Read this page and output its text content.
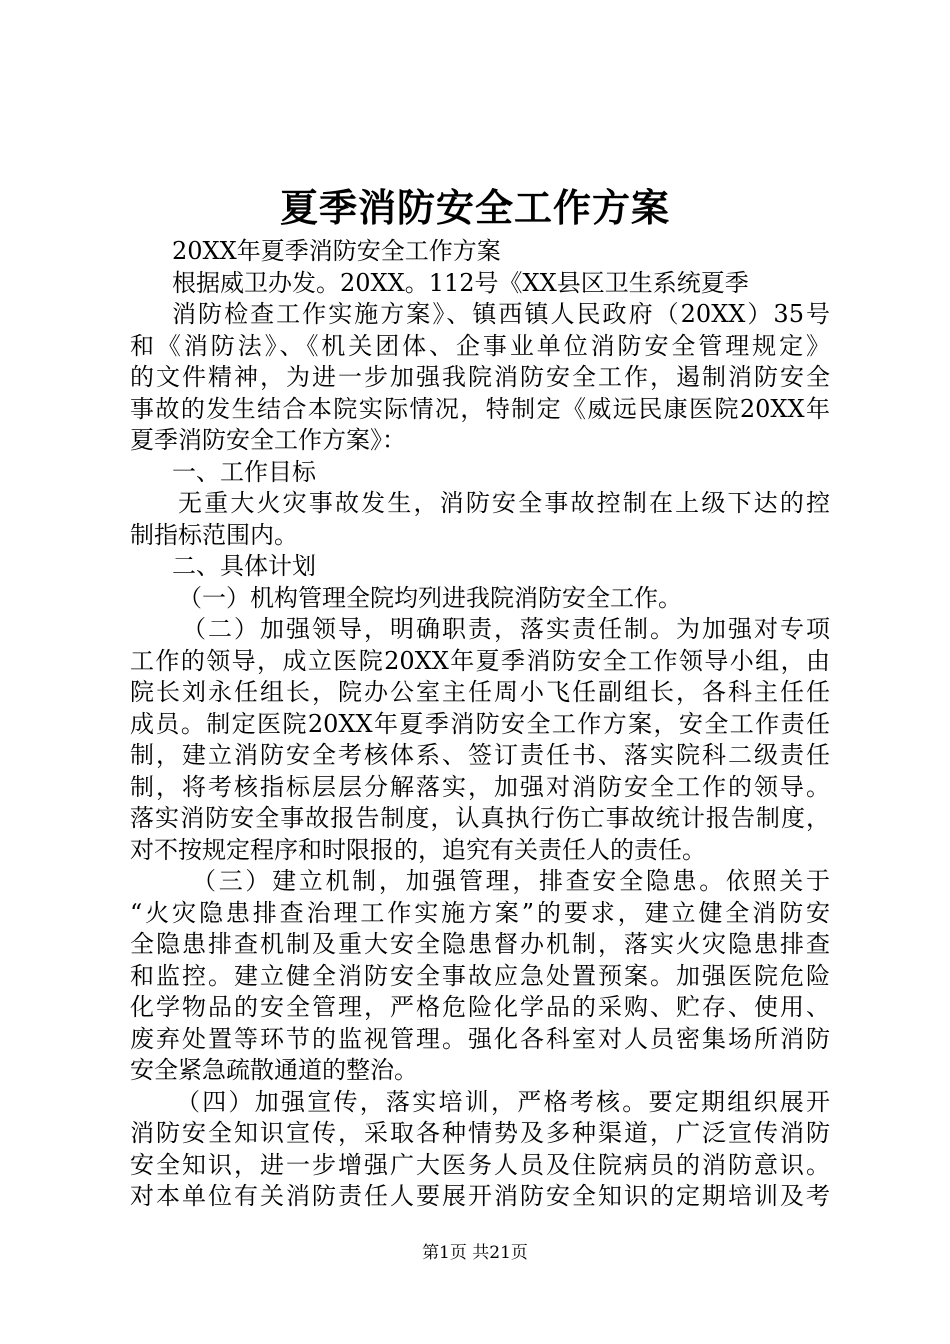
夏季消防安全工作方案
20XX年夏季消防安全工作方案
根据威卫办发。20XX。112号《XX县区卫生系统夏季
消防检查工作实施方案》、镇西镇人民政府（20XX）35号
和《消防法》、《机关团体、企事业单位消防安全管理规定》
的文件精神，为进一步加强我院消防安全工作，遏制消防安全
事故的发生结合本院实际情况，特制定《威远民康医院20XX年
夏季消防安全工作方案》：
一、工作目标
无重大火灾事故发生，消防安全事故控制在上级下达的控
制指标范围内。
二、具体计划
（一）机构管理全院均列进我院消防安全工作。
（二）加强领导，明确职责，落实责任制。为加强对专项
工作的领导，成立医院20XX年夏季消防安全工作领导小组，由
院长刘永任组长，院办公室主任周小飞任副组长，各科主任任
成员。制定医院20XX年夏季消防安全工作方案，安全工作责任
制，建立消防安全考核体系、签订责任书、落实院科二级责任
制，将考核指标层层分解落实，加强对消防安全工作的领导。
落实消防安全事故报告制度，认真执行伤亡事故统计报告制度，
对不按规定程序和时限报的，追究有关责任人的责任。
（三）建立机制，加强管理，排查安全隐患。依照关于
“火灾隐患排查治理工作实施方案”的要求，建立健全消防安
全隐患排查机制及重大安全隐患督办机制，落实火灾隐患排查
和监控。建立健全消防安全事故应急处置预案。加强医院危险
化学物品的安全管理，严格危险化学品的采购、贮存、使用、
废弃处置等环节的监视管理。强化各科室对人员密集场所消防
安全紧急疏散通道的整治。
（四）加强宣传，落实培训，严格考核。要定期组织展开
消防安全知识宣传，采取各种情势及多种渠道，广泛宣传消防
安全知识，进一步增强广大医务人员及住院病员的消防意识。
对本单位有关消防责任人要展开消防安全知识的定期培训及考
第1页 共21页
